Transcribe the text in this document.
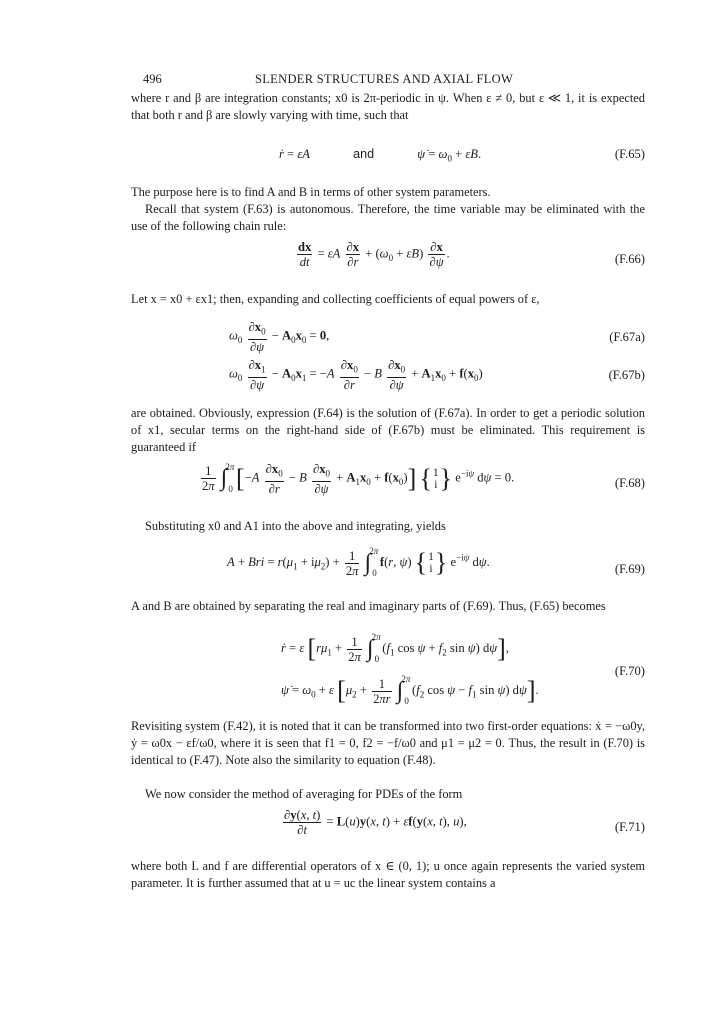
496	SLENDER STRUCTURES AND AXIAL FLOW

where r and β are integration constants; x0 is 2π-periodic in ψ. When ε ≠ 0, but ε ≪ 1, it is expected that both r and β are slowly varying with time, such that

ṙ = εA	and	ψ̇ = $\omega_0 + \varepsilon B$.	(F.65)

The purpose here is to find A and B in terms of other system parameters.

Recall that system (F.63) is autonomous. Therefore, the time variable may be eliminated with the use of the following chain rule:

$\frac{dx}{dt} = \varepsilon A \frac{\partial x}{\partial r} + (\omega_0 + \varepsilon B) \frac{\partial x}{\partial\psi}$ .	(F.66)

Let x = x0 + εx1; then, expanding and collecting coefficients of equal powers of ε,

$\omega_0 \frac{\partial x_0}{\partial\psi} - A_0x_0 = 0$,	(F.67a)
$\omega_0 \frac{\partial x_1}{\partial\psi} - A_0x_1 = -A \frac{\partial x_0}{\partial r} - B \frac{\partial x_0}{\partial\psi} + A_1x_0 + f(x_0)$	(F.67b)

are obtained. Obviously, expression (F.64) is the solution of (F.67a). In order to get a periodic solution of x1, secular terms on the right-hand side of (F.67b) must be eliminated. This requirement is guaranteed if

$\frac{1}{2\pi} \int^{2\pi}_0$ $[-A \frac{\partial x_0}{\partial r} - B \frac{\partial x_0}{\partial\psi} + A_1x_0 + f(x_0)]$ {1
i} $e^{-i\psi}$ dψ = 0.	(F.68)

Substituting x0 and A1 into the above and integrating, yields

A + Bri = $r(\mu_1 + i\mu_2) + \frac{1}{2\pi} \int^{2\pi}_0$ f(r, ψ) {1
i} $e^{-i\psi}$ dψ.
(F.69)

A and B are obtained by separating the real and imaginary parts of (F.69). Thus, (F.65) becomes

ṙ = ε [$r\mu_1 + \frac{1}{2\pi} \int^{2\pi}_0$ ($f_1$ $\cos \psi + f_2$ sin ψ) dψ],
ψ̇ = $\omega_0 + \varepsilon$ [$\mu_2 + \frac{1}{2\pi r} \int^{2\pi}_0$ ($f_2$ $\cos \psi - f_1$ sin ψ) dψ].
(F.70)

Revisiting system (F.42), it is noted that it can be transformed into two first-order equations: ẋ = −ω0y, ẏ = ω0x − εf/ω0, where it is seen that f1 = 0, f2 = −f/ω0 and μ1 = μ2 = 0. Thus, the result in (F.70) is identical to (F.47). Note also the similarity to equation (F.48).

We now consider the method of averaging for PDEs of the form

$\frac{\partial y(x, t)}{\partial t} = L(u)y(x$, t) + εf(y(x, t), u),	(F.71)

where both L and f are differential operators of x ∈ (0, 1); u once again represents the varied system parameter. It is further assumed that at u = uc the linear system contains a
